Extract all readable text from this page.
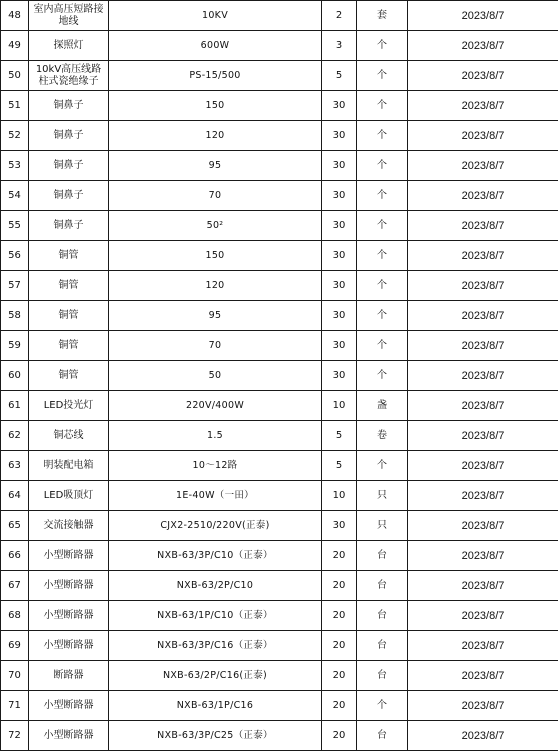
48	室内高压短路接地线	10KV	2	套	2023/8/7
49	探照灯	600W	3	个	2023/8/7
50	10kV高压线路柱式瓷绝缘子	PS-15/500	5	个	2023/8/7
51	铜鼻子	150	30	个	2023/8/7
52	铜鼻子	120	30	个	2023/8/7
53	铜鼻子	95	30	个	2023/8/7
54	铜鼻子	70	30	个	2023/8/7
55	铜鼻子	50²	30	个	2023/8/7
56	铜管	150	30	个	2023/8/7
57	铜管	120	30	个	2023/8/7
58	铜管	95	30	个	2023/8/7
59	铜管	70	30	个	2023/8/7
60	铜管	50	30	个	2023/8/7
61	LED投光灯	220V/400W	10	盏	2023/8/7
62	铜芯线	1.5	5	卷	2023/8/7
63	明装配电箱	10～12路	5	个	2023/8/7
64	LED吸顶灯	1E-40W（一田）	10	只	2023/8/7
65	交流接触器	CJX2-2510/220V(正泰)	30	只	2023/8/7
66	小型断路器	NXB-63/3P/C10（正泰）	20	台	2023/8/7
67	小型断路器	NXB-63/2P/C10	20	台	2023/8/7
68	小型断路器	NXB-63/1P/C10（正泰）	20	台	2023/8/7
69	小型断路器	NXB-63/3P/C16（正泰）	20	台	2023/8/7
70	断路器	NXB-63/2P/C16(正泰)	20	台	2023/8/7
71	小型断路器	NXB-63/1P/C16	20	个	2023/8/7
72	小型断路器	NXB-63/3P/C25（正泰）	20	台	2023/8/7
